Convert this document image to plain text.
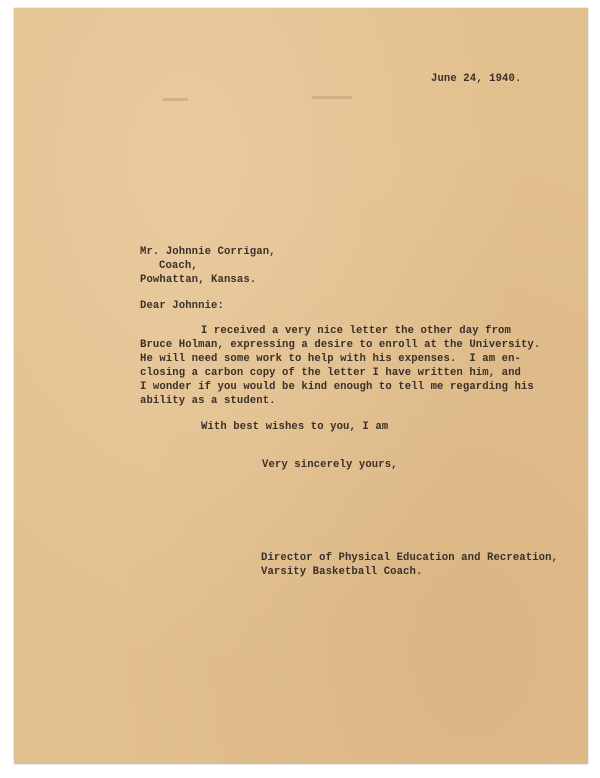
June 24, 1940.
Mr. Johnnie Corrigan,
Coach,
Powhattan, Kansas.
Dear Johnnie:
I received a very nice letter the other day from
Bruce Holman, expressing a desire to enroll at the University.
He will need some work to help with his expenses.  I am en-
closing a carbon copy of the letter I have written him, and
I wonder if you would be kind enough to tell me regarding his
ability as a student.
With best wishes to you, I am
Very sincerely yours,
Director of Physical Education and Recreation,
Varsity Basketball Coach.
